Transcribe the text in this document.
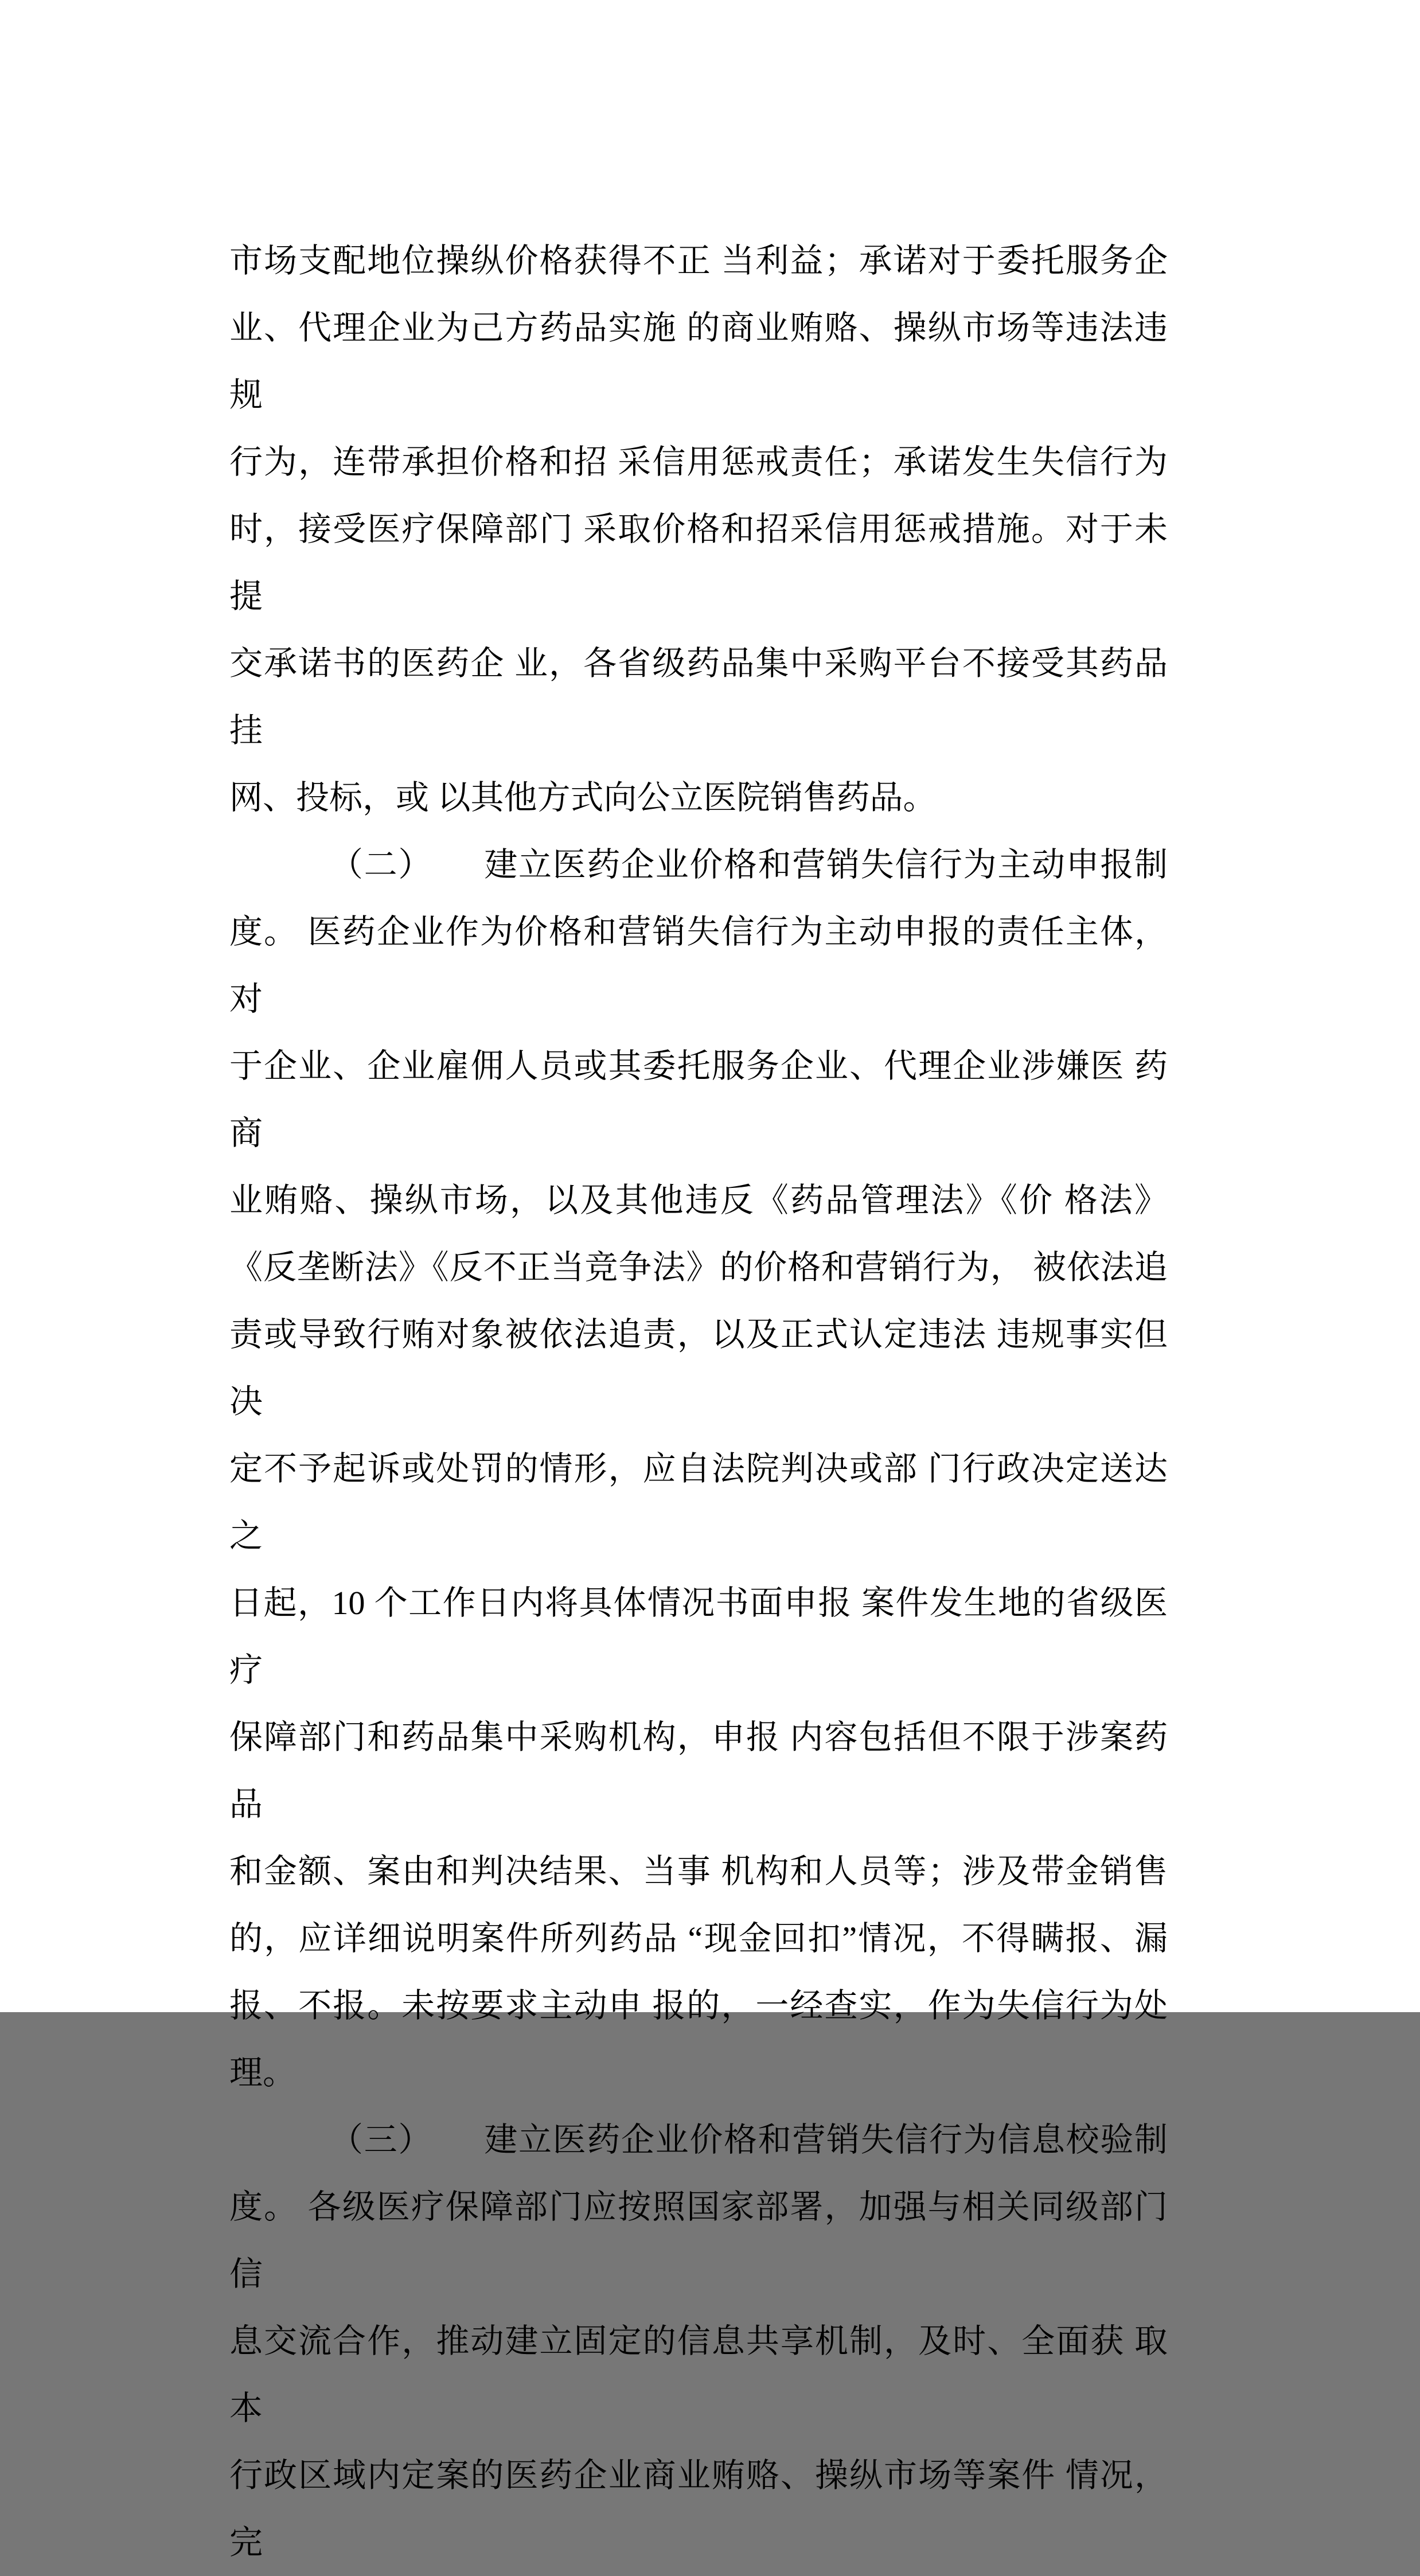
市场支配地位操纵价格获得不正 当利益；承诺对于委托服务企
业、代理企业为己方药品实施 的商业贿赂、操纵市场等违法违规
行为，连带承担价格和招 采信用惩戒责任；承诺发生失信行为
时，接受医疗保障部门 采取价格和招采信用惩戒措施。对于未提
交承诺书的医药企 业，各省级药品集中采购平台不接受其药品挂
网、投标，或 以其他方式向公立医院销售药品。
（二）　　建立医药企业价格和营销失信行为主动申报制
度。 医药企业作为价格和营销失信行为主动申报的责任主体，对
于企业、企业雇佣人员或其委托服务企业、代理企业涉嫌医 药商
业贿赂、操纵市场，以及其他违反《药品管理法》《价 格法》
《反垄断法》《反不正当竞争法》的价格和营销行为， 被依法追
责或导致行贿对象被依法追责，以及正式认定违法 违规事实但决
定不予起诉或处罚的情形，应自法院判决或部 门行政决定送达之
日起，10 个工作日内将具体情况书面申报 案件发生地的省级医疗
保障部门和药品集中采购机构，申报 内容包括但不限于涉案药品
和金额、案由和判决结果、当事 机构和人员等；涉及带金销售
的，应详细说明案件所列药品 “现金回扣”情况，不得瞒报、漏
报、不报。未按要求主动申 报的，一经查实，作为失信行为处
理。
（三）　　建立医药企业价格和营销失信行为信息校验制
度。 各级医疗保障部门应按照国家部署，加强与相关同级部门信
息交流合作，推动建立固定的信息共享机制，及时、全面获 取本
行政区域内定案的医药企业商业贿赂、操纵市场等案件 情况，完
